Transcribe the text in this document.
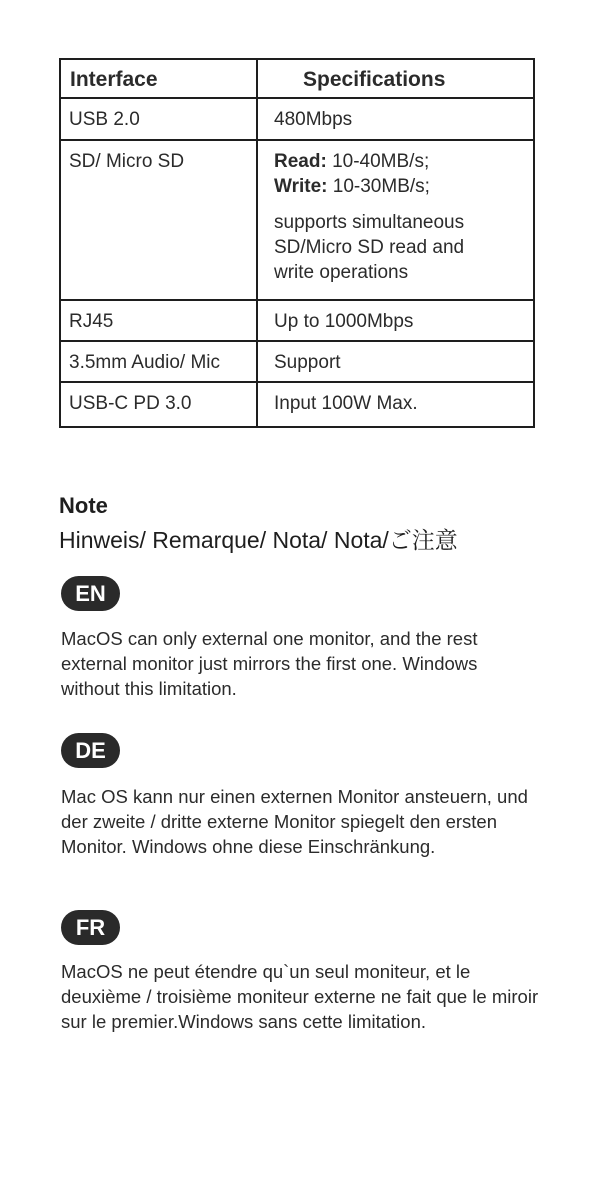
Interface	Specifications

USB 2.0	480Mbps

SD/ Micro SD	Read: 10-40MB/s;
Write: 10-30MB/s;
supports simultaneous SD/Micro SD read and write operations

RJ45	Up to 1000Mbps

3.5mm Audio/ Mic	Support

USB-C PD 3.0	Input 100W Max.
Note
Hinweis/ Remarque/ Nota/ Nota/ご注意
EN
MacOS can only external one monitor, and the rest external monitor just mirrors the first one. Windows without this limitation.
DE
Mac OS kann nur einen externen Monitor ansteuern, und der zweite / dritte externe Monitor spiegelt den ersten Monitor. Windows ohne diese Einschränkung.
FR
MacOS ne peut étendre qu`un seul moniteur, et le deuxième / troisième moniteur externe ne fait que le miroir sur le premier.Windows sans cette limitation.
